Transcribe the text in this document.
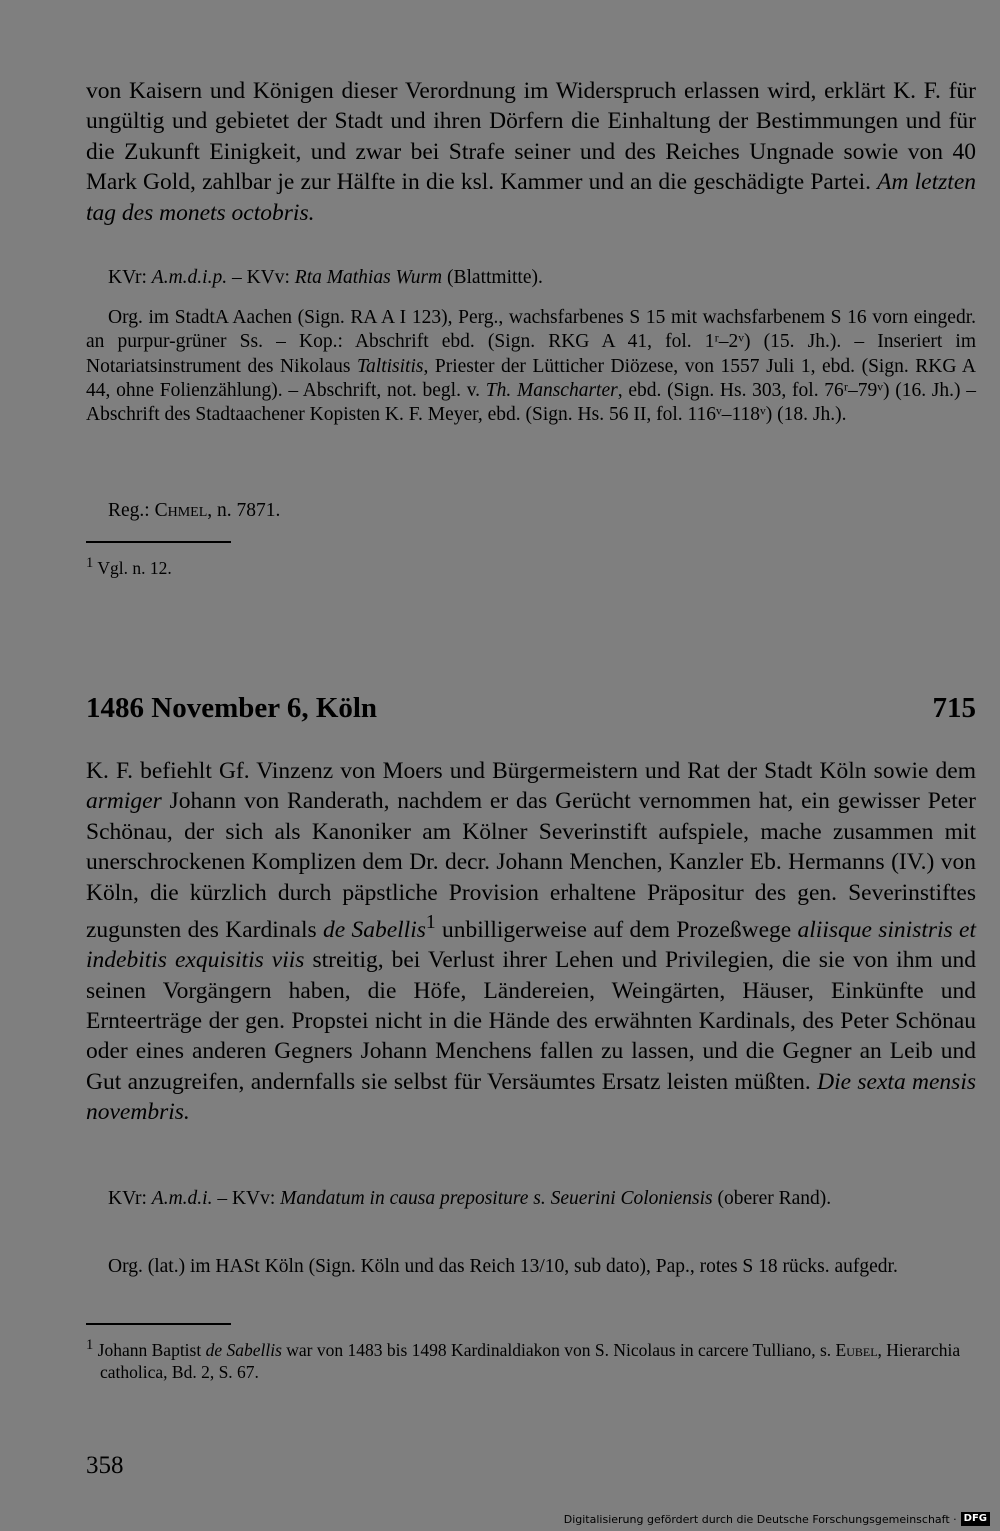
von Kaisern und Königen dieser Verordnung im Widerspruch erlassen wird, erklärt K. F. für ungültig und gebietet der Stadt und ihren Dörfern die Einhaltung der Bestimmungen und für die Zukunft Einigkeit, und zwar bei Strafe seiner und des Reiches Ungnade sowie von 40 Mark Gold, zahlbar je zur Hälfte in die ksl. Kammer und an die geschädigte Partei. Am letzten tag des monets octobris.

KVr: A.m.d.i.p. – KVv: Rta Mathias Wurm (Blattmitte).

Org. im StadtA Aachen (Sign. RA A I 123), Perg., wachsfarbenes S 15 mit wachsfarbenem S 16 vorn eingedr. an purpur-grüner Ss. – Kop.: Abschrift ebd. (Sign. RKG A 41, fol. 1ʳ–2ᵛ) (15. Jh.). – Inseriert im Notariatsinstrument des Nikolaus Taltisitis, Priester der Lütticher Diözese, von 1557 Juli 1, ebd. (Sign. RKG A 44, ohne Folienzählung). – Abschrift, not. begl. v. Th. Manscharter, ebd. (Sign. Hs. 303, fol. 76ʳ–79ᵛ) (16. Jh.) – Abschrift des Stadtaachener Kopisten K. F. Meyer, ebd. (Sign. Hs. 56 II, fol. 116ᵛ–118ᵛ) (18. Jh.).

Reg.: Chmel, n. 7871.

$^1$ Vgl. n. 12.

1486 November 6, Köln	715

K. F. befiehlt Gf. Vinzenz von Moers und Bürgermeistern und Rat der Stadt Köln sowie dem armiger Johann von Randerath, nachdem er das Gerücht vernommen hat, ein gewisser Peter Schönau, der sich als Kanoniker am Kölner Severinstift aufspiele, mache zusammen mit unerschrockenen Komplizen dem Dr. decr. Johann Menchen, Kanzler Eb. Hermanns (IV.) von Köln, die kürzlich durch päpstliche Provision erhaltene Präpositur des gen. Severinstiftes zugunsten des Kardinals de Sabellis$^1$ unbilligerweise auf dem Prozeßwege aliisque sinistris et indebitis exquisitis viis streitig, bei Verlust ihrer Lehen und Privilegien, die sie von ihm und seinen Vorgängern haben, die Höfe, Ländereien, Weingärten, Häuser, Einkünfte und Ernteerträge der gen. Propstei nicht in die Hände des erwähnten Kardinals, des Peter Schönau oder eines anderen Gegners Johann Menchens fallen zu lassen, und die Gegner an Leib und Gut anzugreifen, andernfalls sie selbst für Versäumtes Ersatz leisten müßten. Die sexta mensis novembris.

KVr: A.m.d.i. – KVv: Mandatum in causa prepositure s. Seuerini Coloniensis (oberer Rand).

Org. (lat.) im HASt Köln (Sign. Köln und das Reich 13/10, sub dato), Pap., rotes S 18 rücks. aufgedr.

$^1$ Johann Baptist de Sabellis war von 1483 bis 1498 Kardinaldiakon von S. Nicolaus in carcere Tulliano, s. Eubel, Hierarchia catholica, Bd. 2, S. 67.

358
Digitalisierung gefördert durch die Deutsche Forschungsgemeinschaft · DFG
